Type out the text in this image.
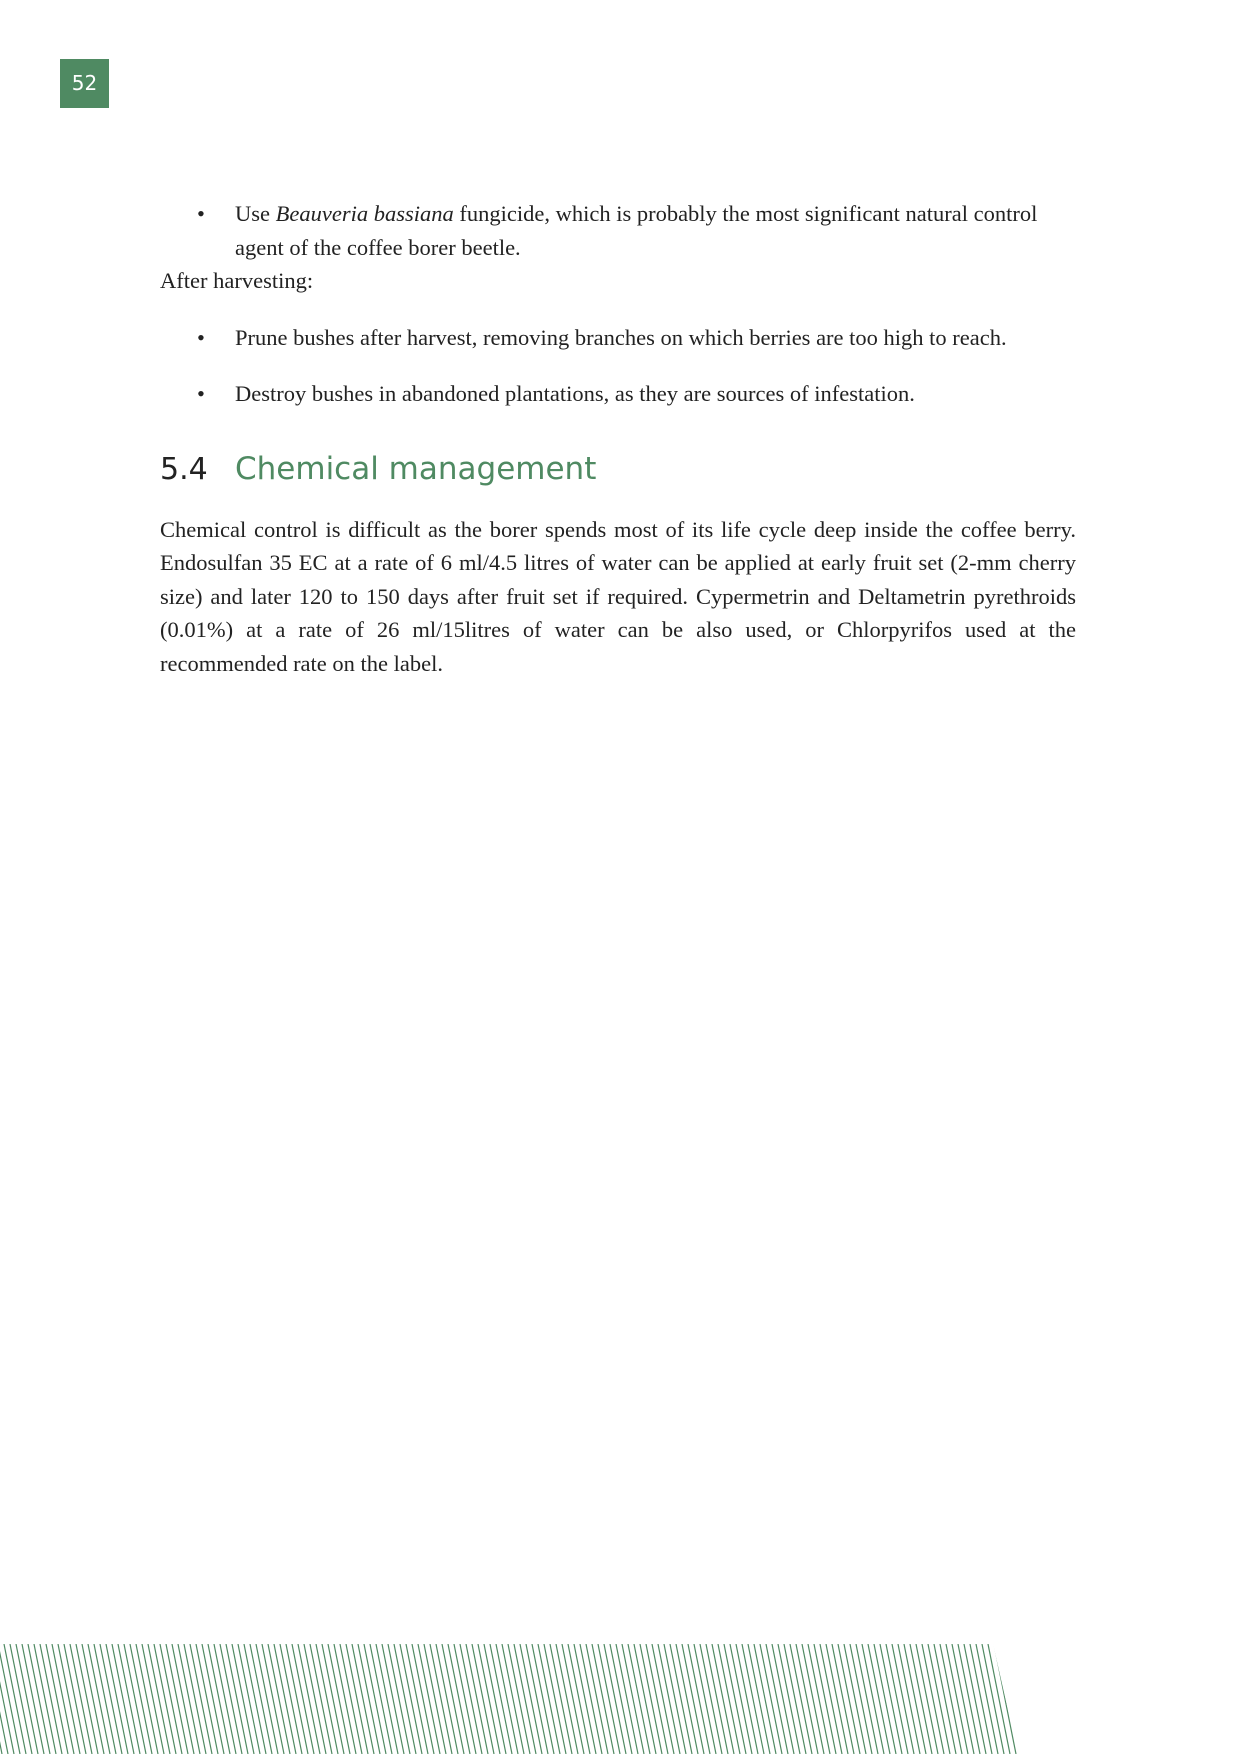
52
• Use Beauveria bassiana fungicide, which is probably the most significant natural control agent of the coffee borer beetle.

After harvesting:

• Prune bushes after harvest, removing branches on which berries are too high to reach.
• Destroy bushes in abandoned plantations, as they are sources of infestation.
5.4 Chemical management

Chemical control is difficult as the borer spends most of its life cycle deep inside the coffee berry. Endosulfan 35 EC at a rate of 6 ml/4.5 litres of water can be applied at early fruit set (2-mm cherry size) and later 120 to 150 days after fruit set if required. Cypermetrin and Deltametrin pyrethroids (0.01%) at a rate of 26 ml/15litres of water can be also used, or Chlorpyrifos used at the recommended rate on the label.
